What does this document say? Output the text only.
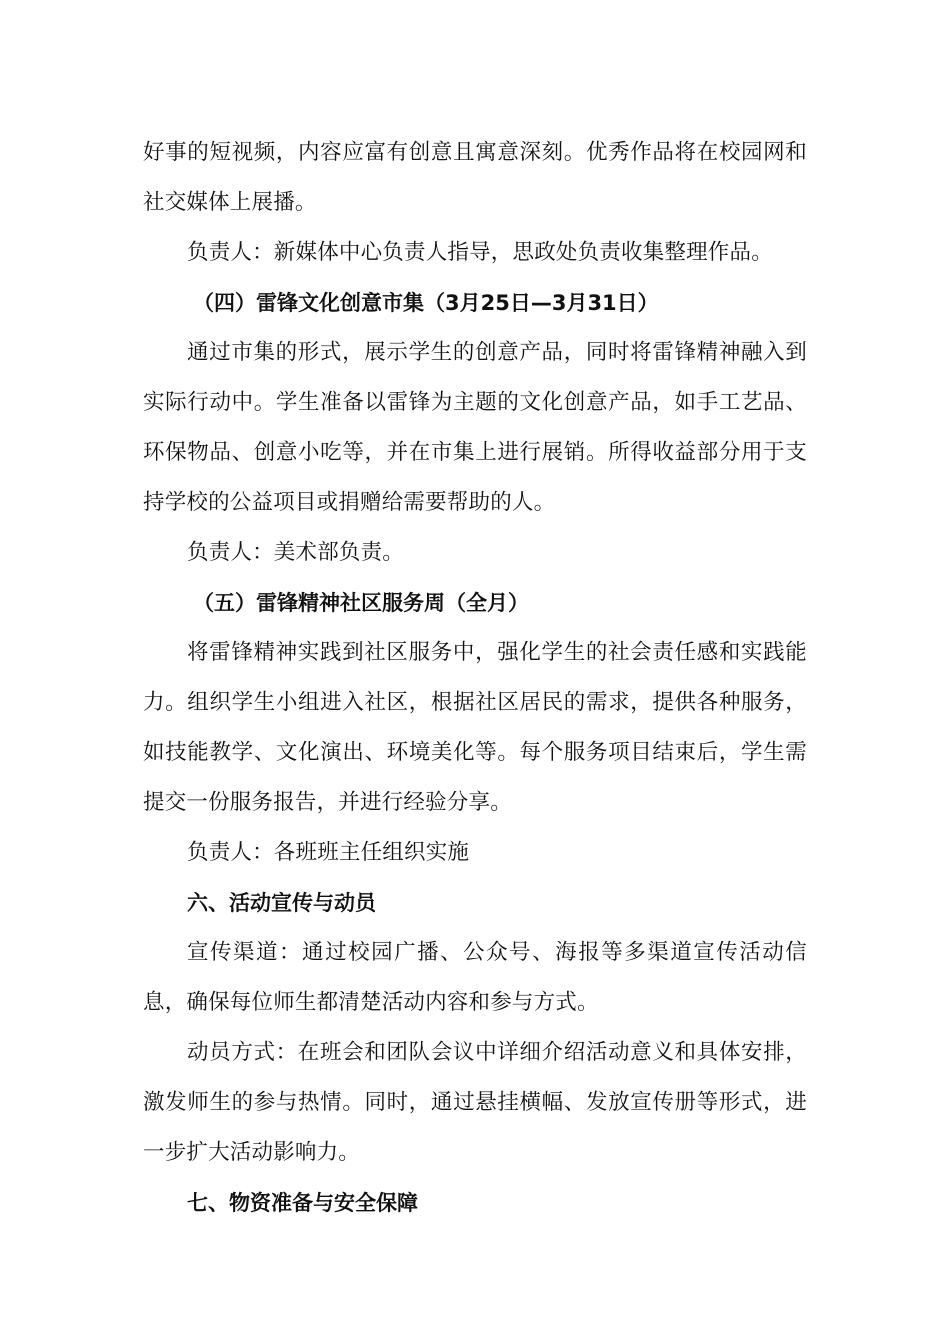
好事的短视频，内容应富有创意且寓意深刻。优秀作品将在校园网和社交媒体上展播。

负责人：新媒体中心负责人指导，思政处负责收集整理作品。

（四）雷锋文化创意市集（3月25日—3月31日）

通过市集的形式，展示学生的创意产品，同时将雷锋精神融入到实际行动中。学生准备以雷锋为主题的文化创意产品，如手工艺品、环保物品、创意小吃等，并在市集上进行展销。所得收益部分用于支持学校的公益项目或捐赠给需要帮助的人。

负责人：美术部负责。

（五）雷锋精神社区服务周（全月）

将雷锋精神实践到社区服务中，强化学生的社会责任感和实践能力。组织学生小组进入社区，根据社区居民的需求，提供各种服务，如技能教学、文化演出、环境美化等。每个服务项目结束后，学生需提交一份服务报告，并进行经验分享。

负责人：各班班主任组织实施

六、活动宣传与动员

宣传渠道：通过校园广播、公众号、海报等多渠道宣传活动信息，确保每位师生都清楚活动内容和参与方式。

动员方式：在班会和团队会议中详细介绍活动意义和具体安排，激发师生的参与热情。同时，通过悬挂横幅、发放宣传册等形式，进一步扩大活动影响力。

七、物资准备与安全保障
